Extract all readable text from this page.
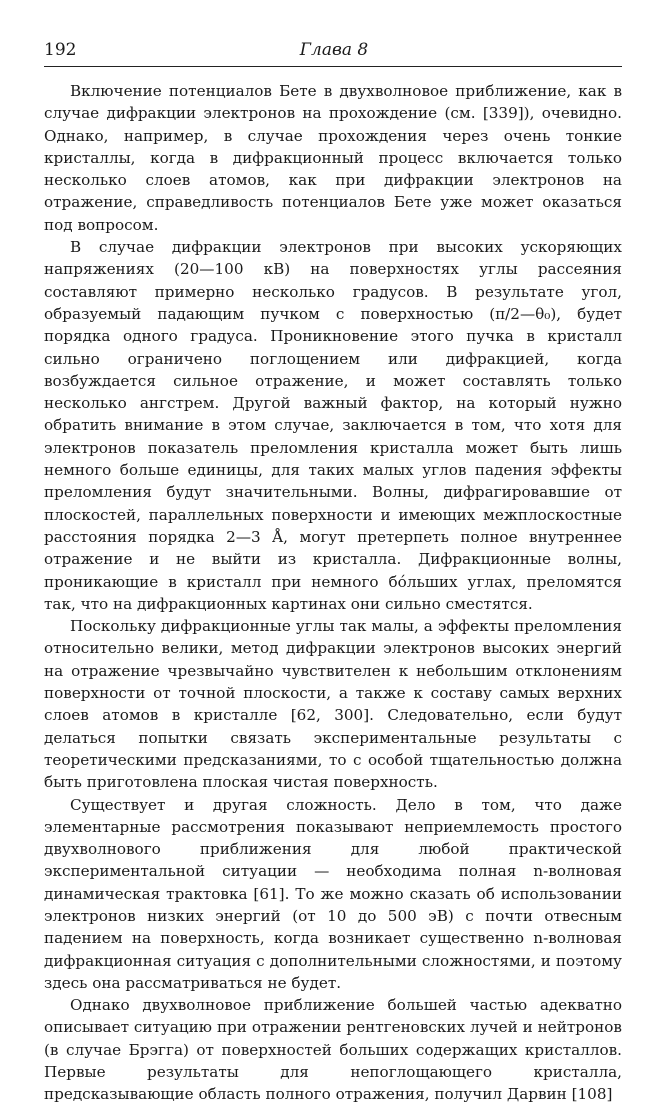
192	Глава 8

Включение потенциалов Бете в двухволновое приближение, как в случае дифракции электронов на прохождение (см. [339]), очевидно. Однако, например, в случае прохождения через очень тонкие кристаллы, когда в дифракционный процесс включается только несколько слоев атомов, как при дифракции электронов на отражение, справедливость потенциалов Бете уже может оказаться под вопросом.

В случае дифракции электронов при высоких ускоряющих напряжениях (20—100 кВ) на поверхностях углы рассеяния составляют примерно несколько градусов. В результате угол, образуемый падающим пучком с поверхностью (π/2—θ₀), будет порядка одного градуса. Проникновение этого пучка в кристалл сильно ограничено поглощением или дифракцией, когда возбуждается сильное отражение, и может составлять только несколько ангстрем. Другой важный фактор, на который нужно обратить внимание в этом случае, заключается в том, что хотя для электронов показатель преломления кристалла может быть лишь немного больше единицы, для таких малых углов падения эффекты преломления будут значительными. Волны, дифрагировавшие от плоскостей, параллельных поверхности и имеющих межплоскостные расстояния порядка 2—3 Å, могут претерпеть полное внутреннее отражение и не выйти из кристалла. Дифракционные волны, проникающие в кристалл при немного бóльших углах, преломятся так, что на дифракционных картинах они сильно сместятся.

Поскольку дифракционные углы так малы, а эффекты преломления относительно велики, метод дифракции электронов высоких энергий на отражение чрезвычайно чувствителен к небольшим отклонениям поверхности от точной плоскости, а также к составу самых верхних слоев атомов в кристалле [62, 300]. Следовательно, если будут делаться попытки связать экспериментальные результаты с теоретическими предсказаниями, то с особой тщательностью должна быть приготовлена плоская чистая поверхность.

Существует и другая сложность. Дело в том, что даже элементарные рассмотрения показывают неприемлемость простого двухволнового приближения для любой практической экспериментальной ситуации — необходима полная n-волновая динамическая трактовка [61]. То же можно сказать об использовании электронов низких энергий (от 10 до 500 эВ) с почти отвесным падением на поверхность, когда возникает существенно n-волновая дифракционная ситуация с дополнительными сложностями, и поэтому здесь она рассматриваться не будет.

Однако двухволновое приближение большей частью адекватно описывает ситуацию при отражении рентгеновских лучей и нейтронов (в случае Брэгга) от поверхностей больших содержащих кристаллов. Первые результаты для непоглощающего кристалла, предсказывающие область полного отражения, получил Дарвин [108]
